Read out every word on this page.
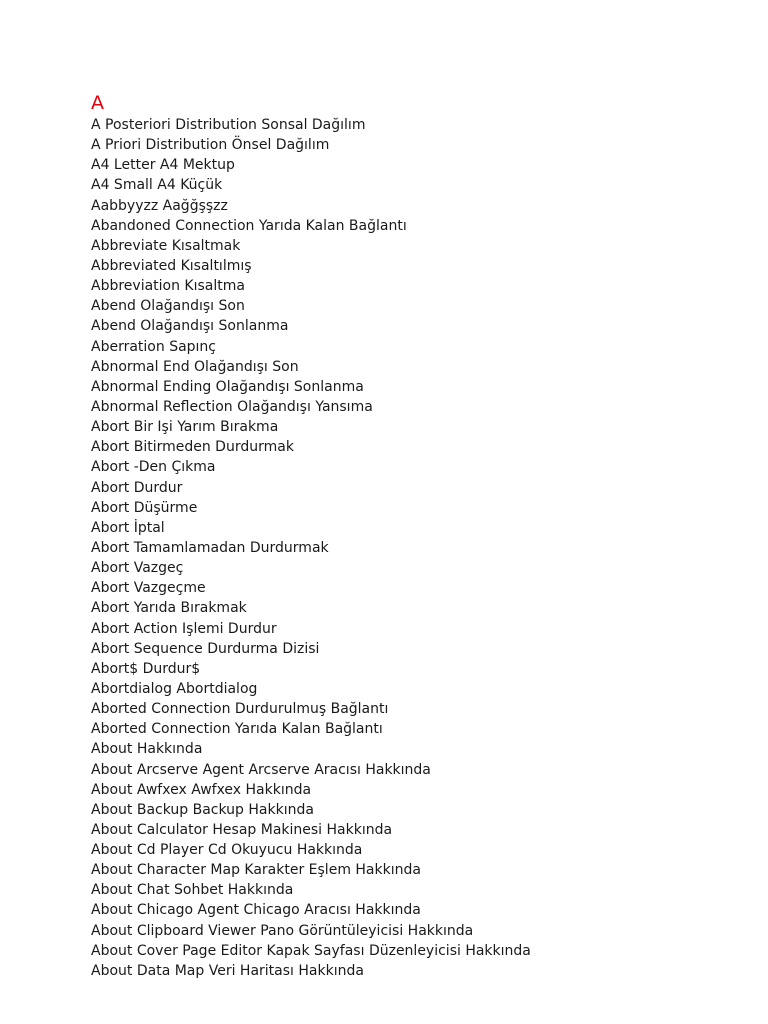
A
A Posteriori Distribution Sonsal Dağılım
A Priori Distribution Önsel Dağılım
A4 Letter A4 Mektup
A4 Small A4 Küçük
Aabbyyzz Aağğşşzz
Abandoned Connection Yarıda Kalan Bağlantı
Abbreviate Kısaltmak
Abbreviated Kısaltılmış
Abbreviation Kısaltma
Abend Olağandışı Son
Abend Olağandışı Sonlanma
Aberration Sapınç
Abnormal End Olağandışı Son
Abnormal Ending Olağandışı Sonlanma
Abnormal Reflection Olağandışı Yansıma
Abort Bir Işi Yarım Bırakma
Abort Bitirmeden Durdurmak
Abort -Den Çıkma
Abort Durdur
Abort Düşürme
Abort İptal
Abort Tamamlamadan Durdurmak
Abort Vazgeç
Abort Vazgeçme
Abort Yarıda Bırakmak
Abort Action Işlemi Durdur
Abort Sequence Durdurma Dizisi
Abort$ Durdur$
Abortdialog Abortdialog
Aborted Connection Durdurulmuş Bağlantı
Aborted Connection Yarıda Kalan Bağlantı
About Hakkında
About Arcserve Agent Arcserve Aracısı Hakkında
About Awfxex Awfxex Hakkında
About Backup Backup Hakkında
About Calculator Hesap Makinesi Hakkında
About Cd Player Cd Okuyucu Hakkında
About Character Map Karakter Eşlem Hakkında
About Chat Sohbet Hakkında
About Chicago Agent Chicago Aracısı Hakkında
About Clipboard Viewer Pano Görüntüleyicisi Hakkında
About Cover Page Editor Kapak Sayfası Düzenleyicisi Hakkında
About Data Map Veri Haritası Hakkında
